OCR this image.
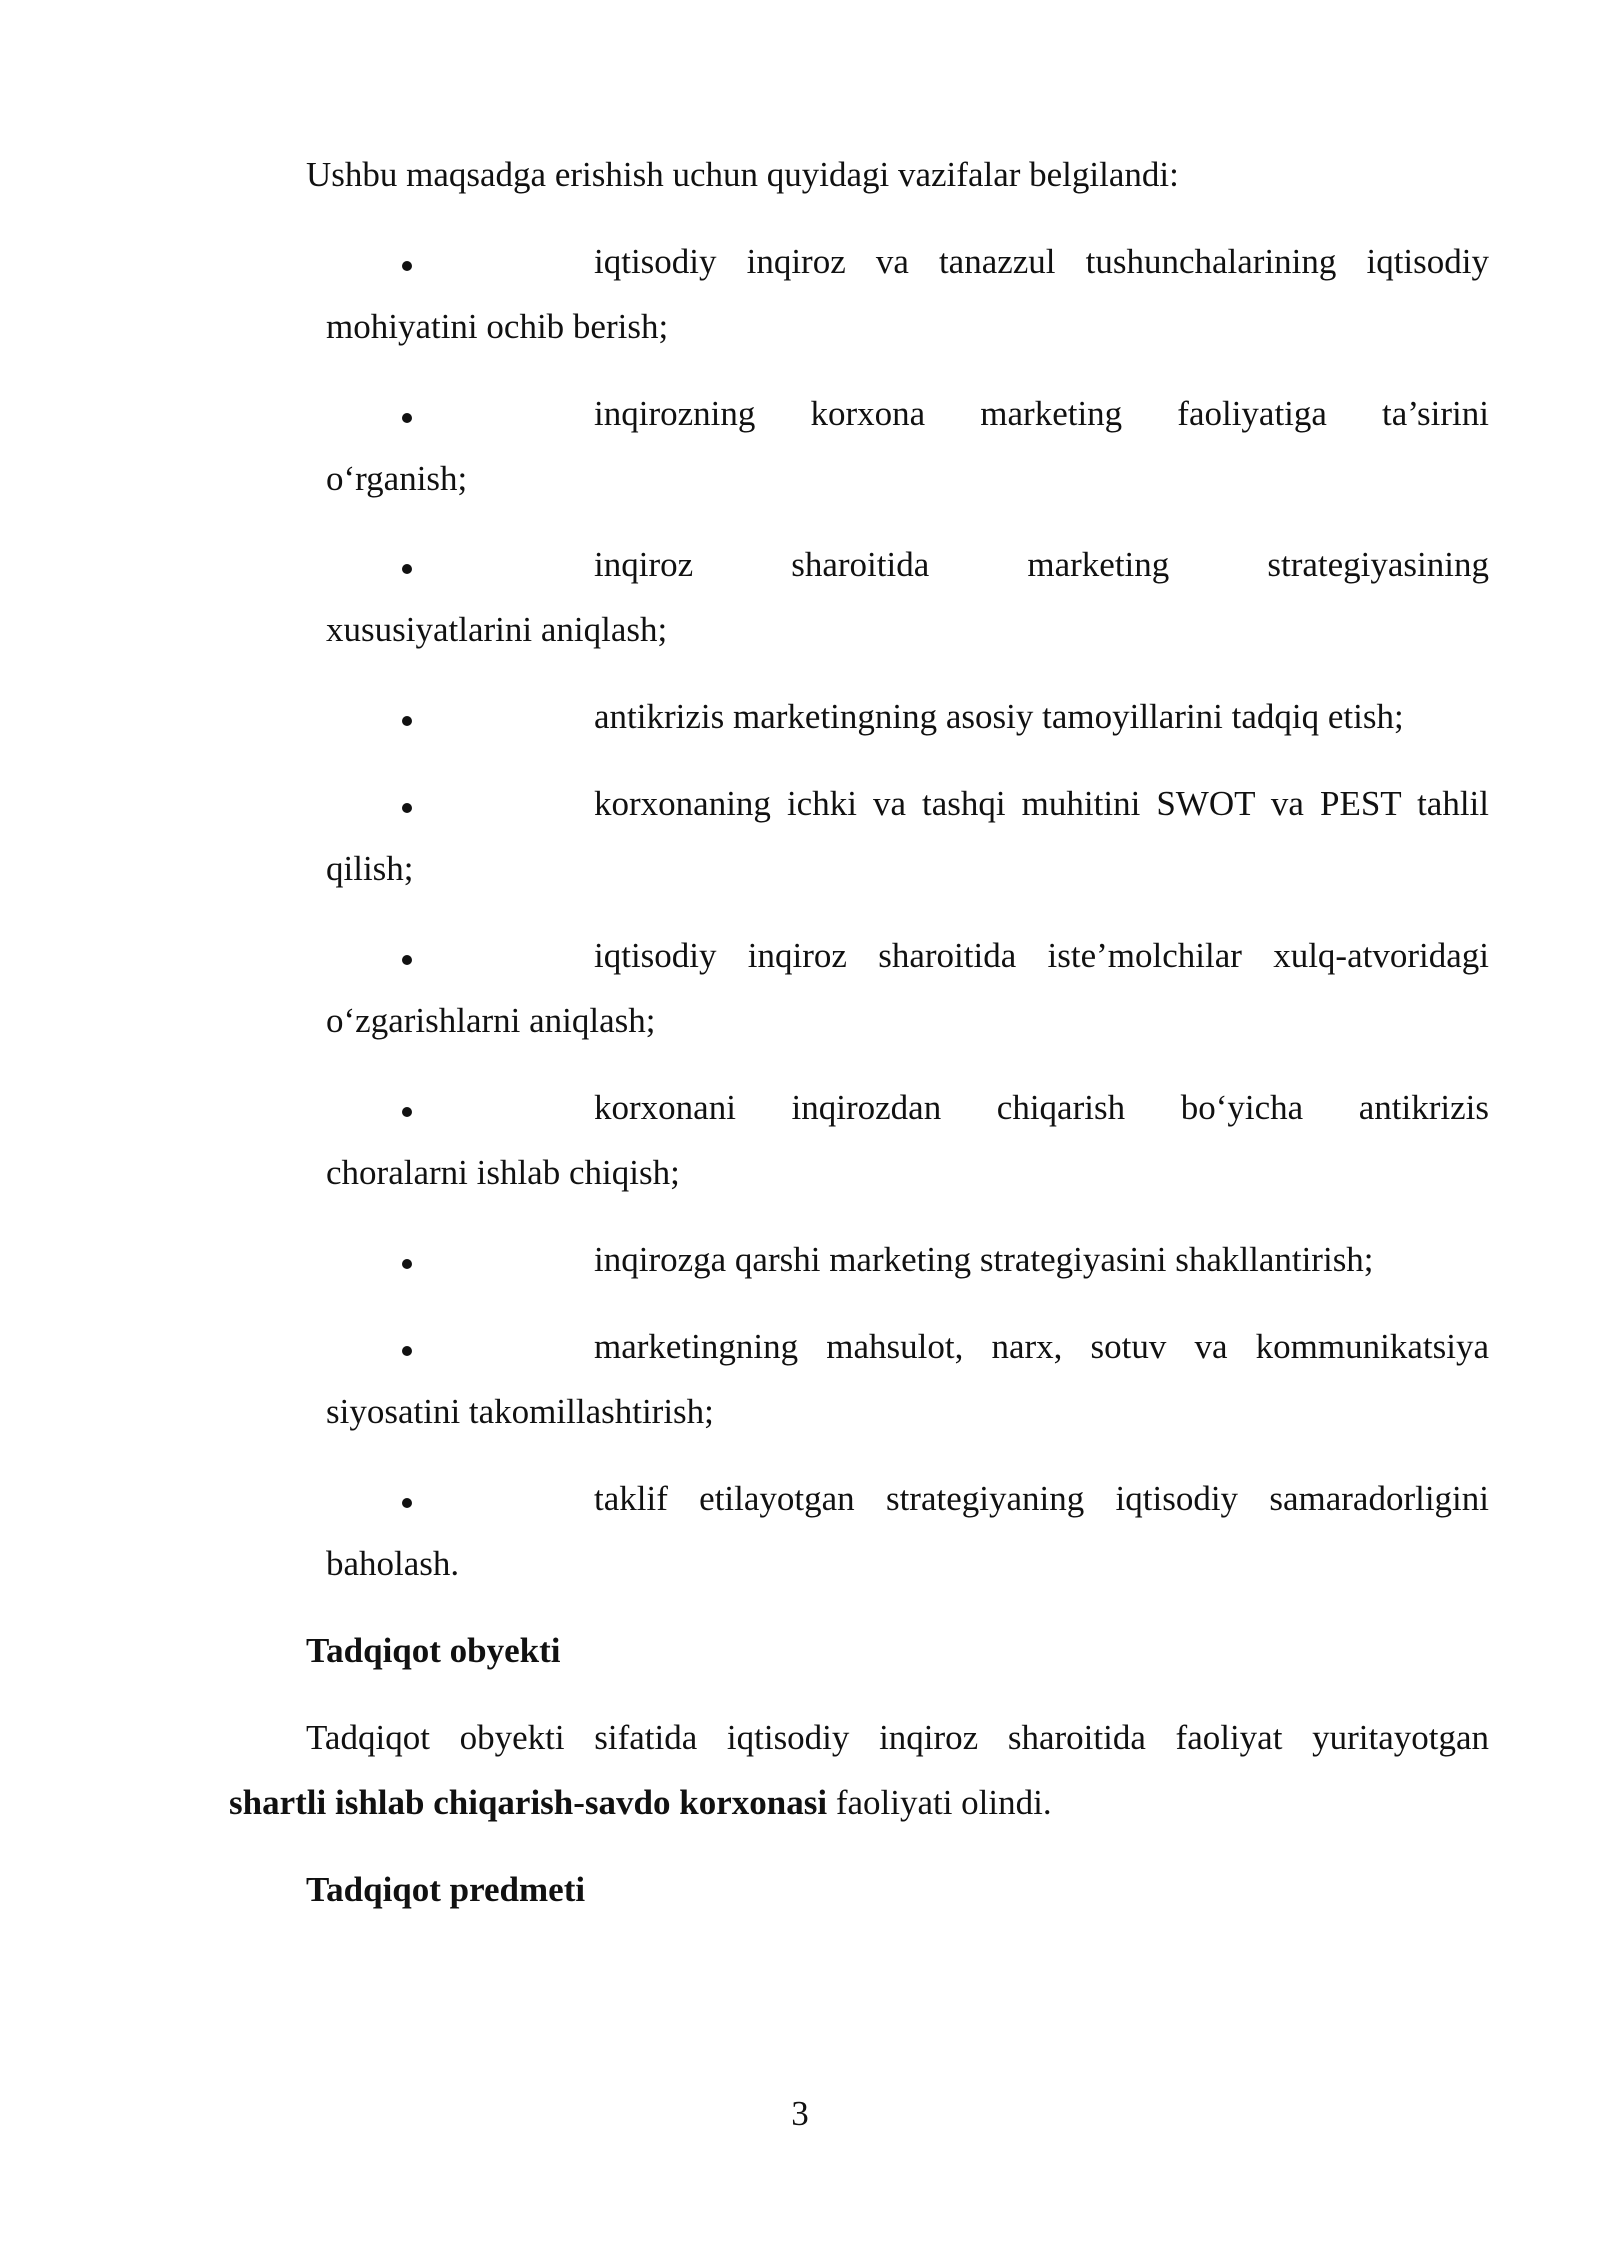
Ushbu maqsadga erishish uchun quyidagi vazifalar belgilandi:
iqtisodiy inqiroz va tanazzul tushunchalarining iqtisodiy
mohiyatini ochib berish;
inqirozning korxona marketing faoliyatiga ta’sirini
o‘rganish;
inqiroz sharoitida marketing strategiyasining
xususiyatlarini aniqlash;
antikrizis marketingning asosiy tamoyillarini tadqiq etish;
korxonaning ichki va tashqi muhitini SWOT va PEST tahlil
qilish;
iqtisodiy inqiroz sharoitida iste’molchilar xulq-atvoridagi
o‘zgarishlarni aniqlash;
korxonani inqirozdan chiqarish bo‘yicha antikrizis
choralarni ishlab chiqish;
inqirozga qarshi marketing strategiyasini shakllantirish;
marketingning mahsulot, narx, sotuv va kommunikatsiya
siyosatini takomillashtirish;
taklif etilayotgan strategiyaning iqtisodiy samaradorligini
baholash.
Tadqiqot obyekti
Tadqiqot obyekti sifatida iqtisodiy inqiroz sharoitida faoliyat yuritayotgan
shartli ishlab chiqarish-savdo korxonasi faoliyati olindi.
Tadqiqot predmeti
3
